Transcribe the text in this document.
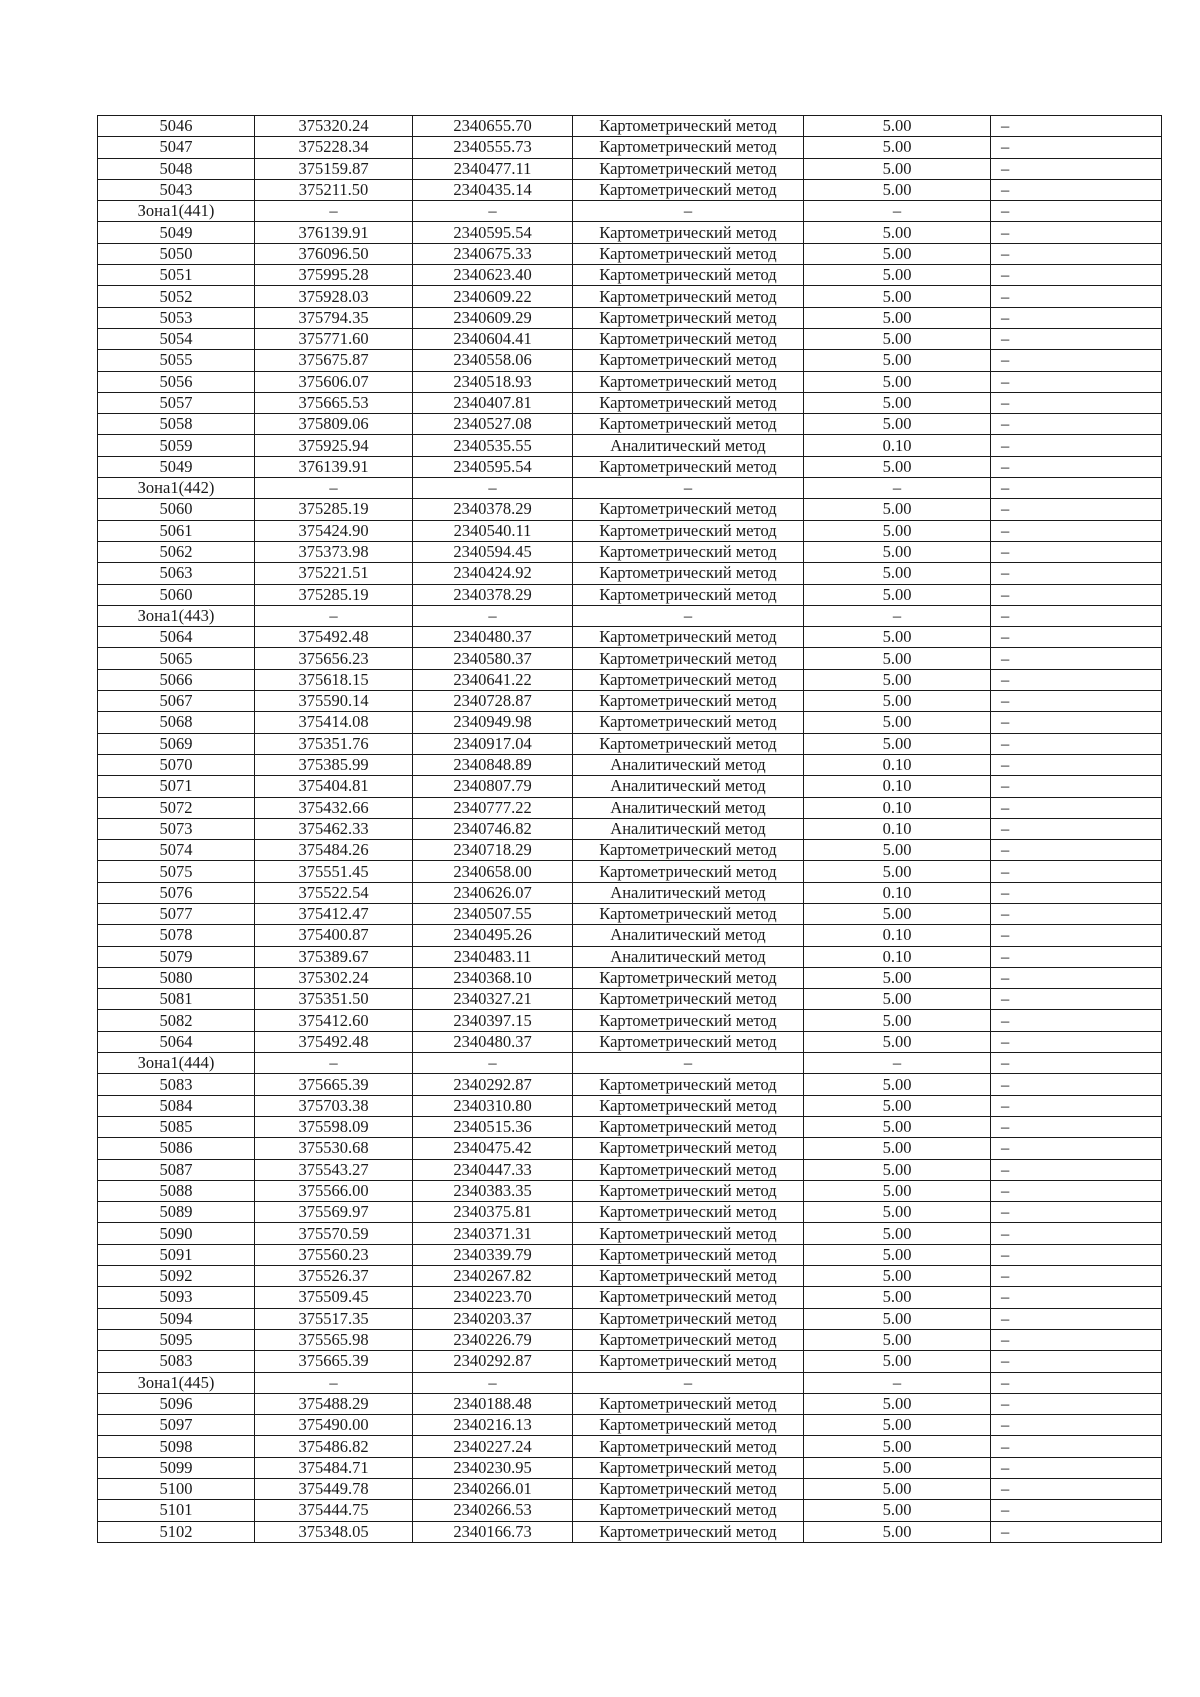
5046	375320.24	2340655.70	Картометрический метод	5.00	–
5047	375228.34	2340555.73	Картометрический метод	5.00	–
5048	375159.87	2340477.11	Картометрический метод	5.00	–
5043	375211.50	2340435.14	Картометрический метод	5.00	–
Зона1(441)	–	–	–	–	–
5049	376139.91	2340595.54	Картометрический метод	5.00	–
5050	376096.50	2340675.33	Картометрический метод	5.00	–
5051	375995.28	2340623.40	Картометрический метод	5.00	–
5052	375928.03	2340609.22	Картометрический метод	5.00	–
5053	375794.35	2340609.29	Картометрический метод	5.00	–
5054	375771.60	2340604.41	Картометрический метод	5.00	–
5055	375675.87	2340558.06	Картометрический метод	5.00	–
5056	375606.07	2340518.93	Картометрический метод	5.00	–
5057	375665.53	2340407.81	Картометрический метод	5.00	–
5058	375809.06	2340527.08	Картометрический метод	5.00	–
5059	375925.94	2340535.55	Аналитический метод	0.10	–
5049	376139.91	2340595.54	Картометрический метод	5.00	–
Зона1(442)	–	–	–	–	–
5060	375285.19	2340378.29	Картометрический метод	5.00	–
5061	375424.90	2340540.11	Картометрический метод	5.00	–
5062	375373.98	2340594.45	Картометрический метод	5.00	–
5063	375221.51	2340424.92	Картометрический метод	5.00	–
5060	375285.19	2340378.29	Картометрический метод	5.00	–
Зона1(443)	–	–	–	–	–
5064	375492.48	2340480.37	Картометрический метод	5.00	–
5065	375656.23	2340580.37	Картометрический метод	5.00	–
5066	375618.15	2340641.22	Картометрический метод	5.00	–
5067	375590.14	2340728.87	Картометрический метод	5.00	–
5068	375414.08	2340949.98	Картометрический метод	5.00	–
5069	375351.76	2340917.04	Картометрический метод	5.00	–
5070	375385.99	2340848.89	Аналитический метод	0.10	–
5071	375404.81	2340807.79	Аналитический метод	0.10	–
5072	375432.66	2340777.22	Аналитический метод	0.10	–
5073	375462.33	2340746.82	Аналитический метод	0.10	–
5074	375484.26	2340718.29	Картометрический метод	5.00	–
5075	375551.45	2340658.00	Картометрический метод	5.00	–
5076	375522.54	2340626.07	Аналитический метод	0.10	–
5077	375412.47	2340507.55	Картометрический метод	5.00	–
5078	375400.87	2340495.26	Аналитический метод	0.10	–
5079	375389.67	2340483.11	Аналитический метод	0.10	–
5080	375302.24	2340368.10	Картометрический метод	5.00	–
5081	375351.50	2340327.21	Картометрический метод	5.00	–
5082	375412.60	2340397.15	Картометрический метод	5.00	–
5064	375492.48	2340480.37	Картометрический метод	5.00	–
Зона1(444)	–	–	–	–	–
5083	375665.39	2340292.87	Картометрический метод	5.00	–
5084	375703.38	2340310.80	Картометрический метод	5.00	–
5085	375598.09	2340515.36	Картометрический метод	5.00	–
5086	375530.68	2340475.42	Картометрический метод	5.00	–
5087	375543.27	2340447.33	Картометрический метод	5.00	–
5088	375566.00	2340383.35	Картометрический метод	5.00	–
5089	375569.97	2340375.81	Картометрический метод	5.00	–
5090	375570.59	2340371.31	Картометрический метод	5.00	–
5091	375560.23	2340339.79	Картометрический метод	5.00	–
5092	375526.37	2340267.82	Картометрический метод	5.00	–
5093	375509.45	2340223.70	Картометрический метод	5.00	–
5094	375517.35	2340203.37	Картометрический метод	5.00	–
5095	375565.98	2340226.79	Картометрический метод	5.00	–
5083	375665.39	2340292.87	Картометрический метод	5.00	–
Зона1(445)	–	–	–	–	–
5096	375488.29	2340188.48	Картометрический метод	5.00	–
5097	375490.00	2340216.13	Картометрический метод	5.00	–
5098	375486.82	2340227.24	Картометрический метод	5.00	–
5099	375484.71	2340230.95	Картометрический метод	5.00	–
5100	375449.78	2340266.01	Картометрический метод	5.00	–
5101	375444.75	2340266.53	Картометрический метод	5.00	–
5102	375348.05	2340166.73	Картометрический метод	5.00	–
